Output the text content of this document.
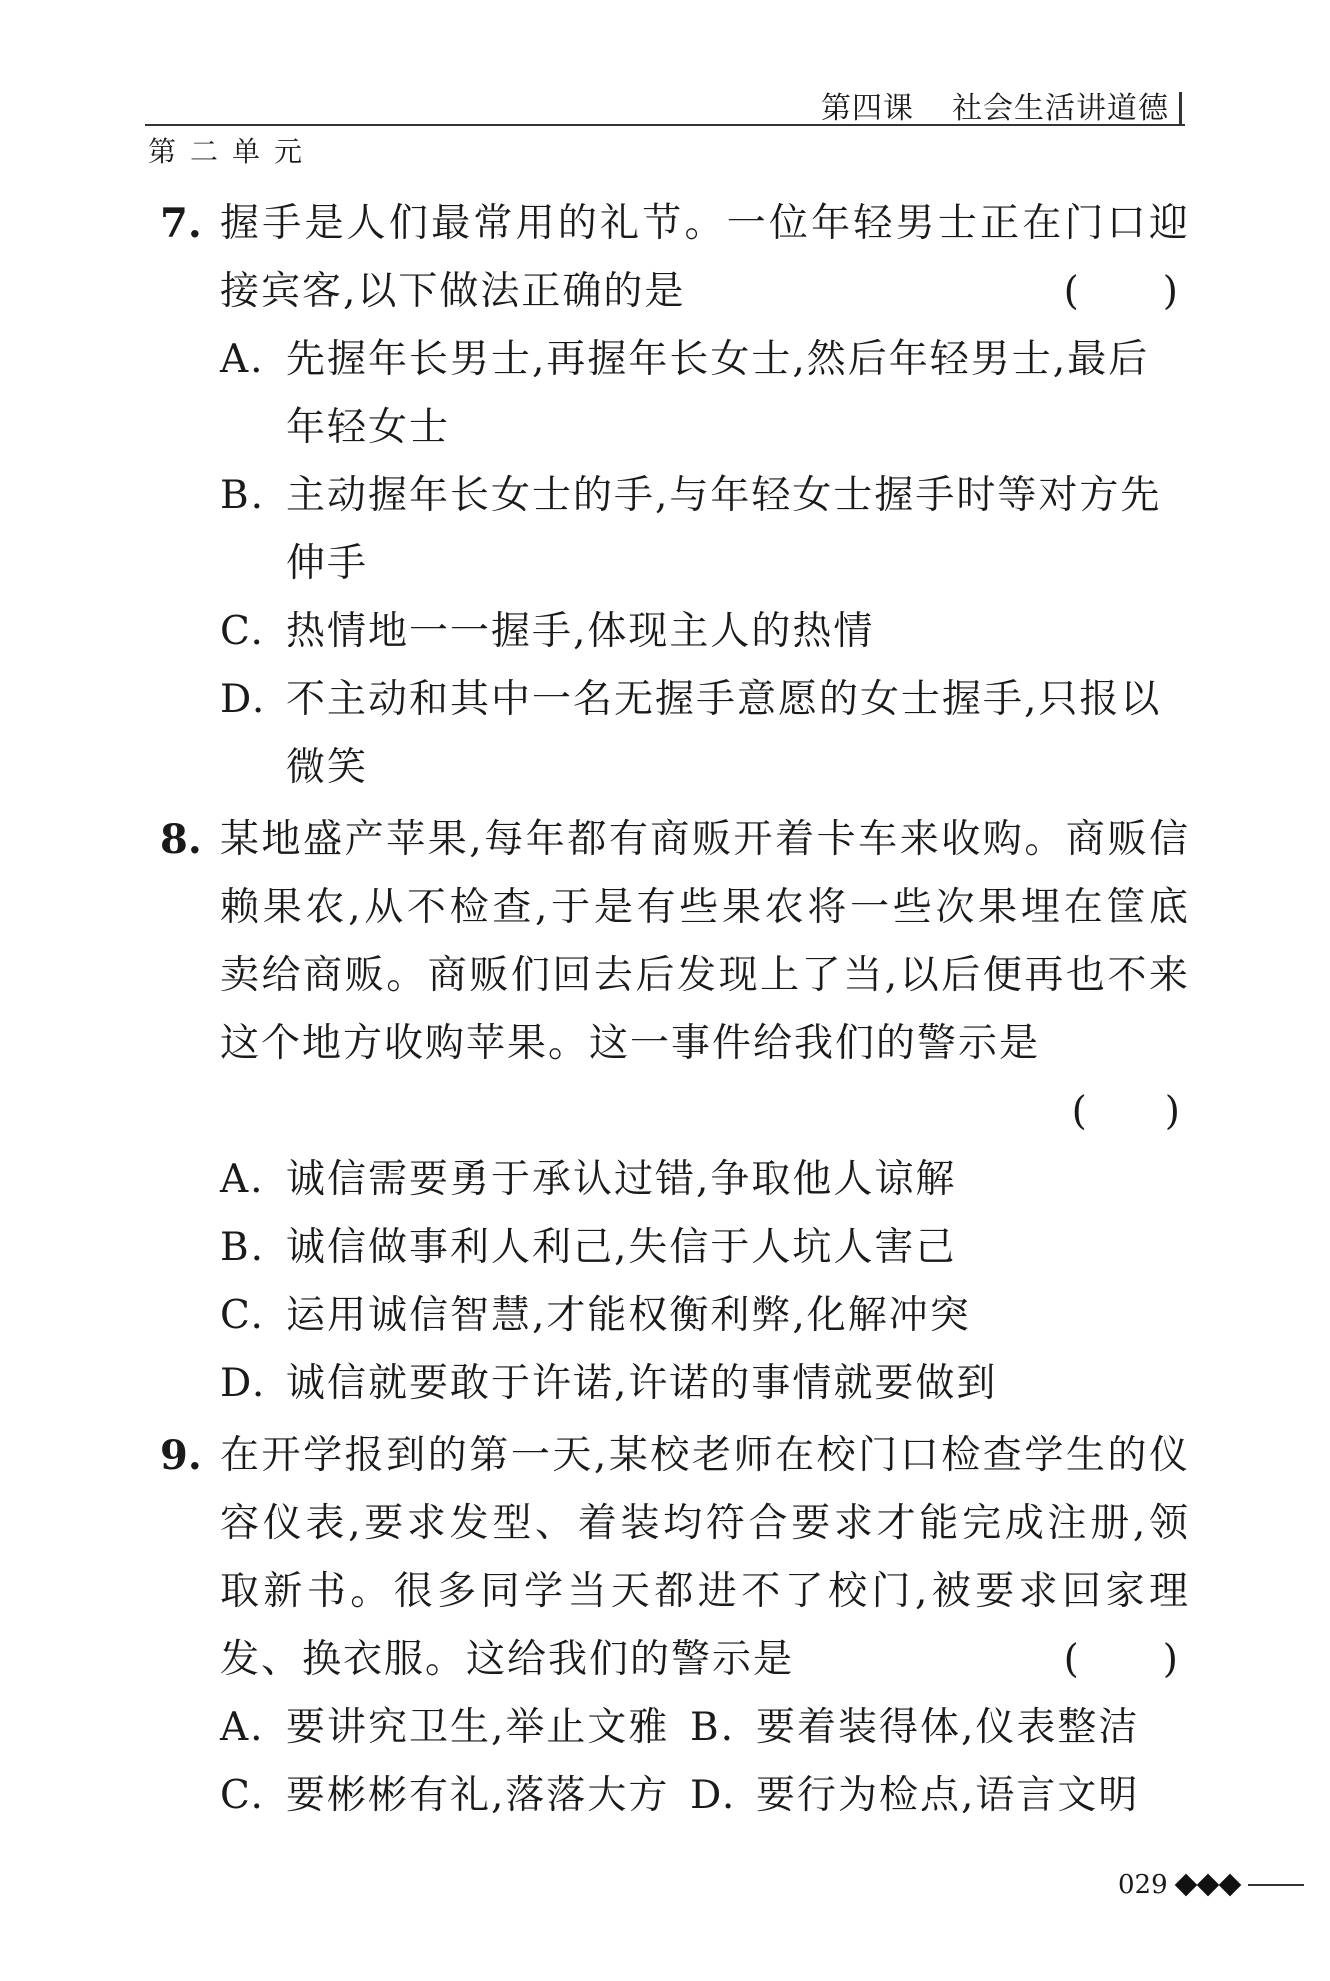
第四课 社会生活讲道德
第二单元
7. 握手是人们最常用的礼节。一位年轻男士正在门口迎接宾客,以下做法正确的是	(　　)
A. 先握年长男士,再握年长女士,然后年轻男士,最后年轻女士
B. 主动握年长女士的手,与年轻女士握手时等对方先伸手
C. 热情地一一握手,体现主人的热情
D. 不主动和其中一名无握手意愿的女士握手,只报以微笑
8. 某地盛产苹果,每年都有商贩开着卡车来收购。商贩信赖果农,从不检查,于是有些果农将一些次果埋在筐底卖给商贩。商贩们回去后发现上了当,以后便再也不来这个地方收购苹果。这一事件给我们的警示是
(　　)
A. 诚信需要勇于承认过错,争取他人谅解
B. 诚信做事利人利己,失信于人坑人害己
C. 运用诚信智慧,才能权衡利弊,化解冲突
D. 诚信就要敢于许诺,许诺的事情就要做到
9. 在开学报到的第一天,某校老师在校门口检查学生的仪容仪表,要求发型、着装均符合要求才能完成注册,领取新书。很多同学当天都进不了校门,被要求回家理发、换衣服。这给我们的警示是	(　　)
A. 要讲究卫生,举止文雅 B. 要着装得体,仪表整洁
C. 要彬彬有礼,落落大方 D. 要行为检点,语言文明
029
